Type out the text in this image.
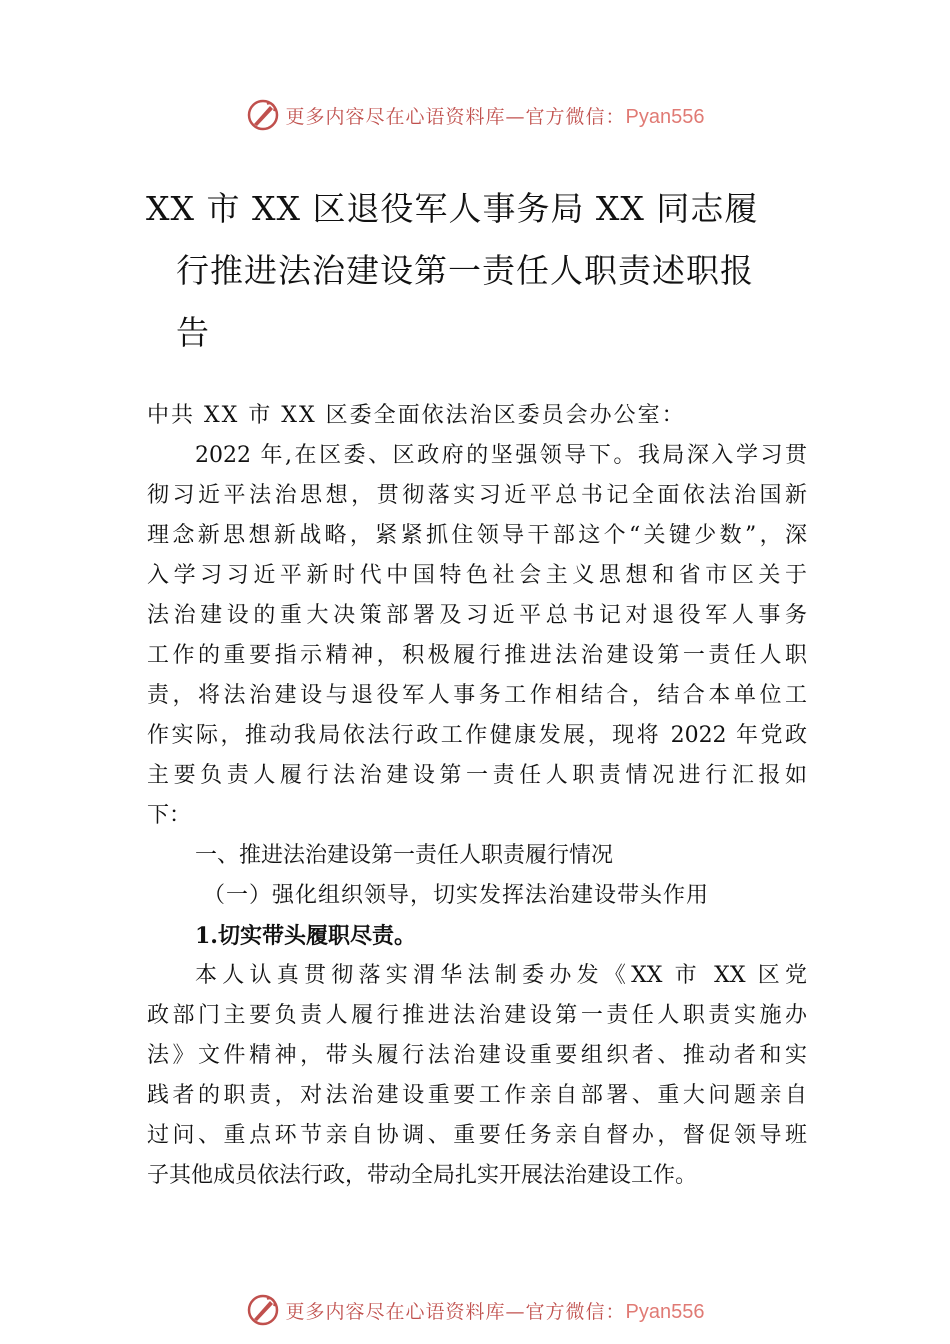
更多内容尽在心语资料库—官方微信：Pyan556
XX 市 XX 区退役军人事务局 XX 同志履
行推进法治建设第一责任人职责述职报
告
中共 XX 市 XX 区委全面依法治区委员会办公室：
2022 年,在区委、区政府的坚强领导下。我局深入学习贯
彻习近平法治思想，贯彻落实习近平总书记全面依法治国新
理念新思想新战略，紧紧抓住领导干部这个“关键少数”，深
入学习习近平新时代中国特色社会主义思想和省市区关于
法治建设的重大决策部署及习近平总书记对退役军人事务
工作的重要指示精神，积极履行推进法治建设第一责任人职
责，将法治建设与退役军人事务工作相结合，结合本单位工
作实际，推动我局依法行政工作健康发展，现将 2022 年党政
主要负责人履行法治建设第一责任人职责情况进行汇报如
下：
一、推进法治建设第一责任人职责履行情况
（一）强化组织领导，切实发挥法治建设带头作用
1.切实带头履职尽责。
本人认真贯彻落实渭华法制委办发《XX 市 XX 区党
政部门主要负责人履行推进法治建设第一责任人职责实施办
法》文件精神，带头履行法治建设重要组织者、推动者和实
践者的职责，对法治建设重要工作亲自部署、重大问题亲自
过问、重点环节亲自协调、重要任务亲自督办，督促领导班
子其他成员依法行政，带动全局扎实开展法治建设工作。
更多内容尽在心语资料库—官方微信：Pyan556
